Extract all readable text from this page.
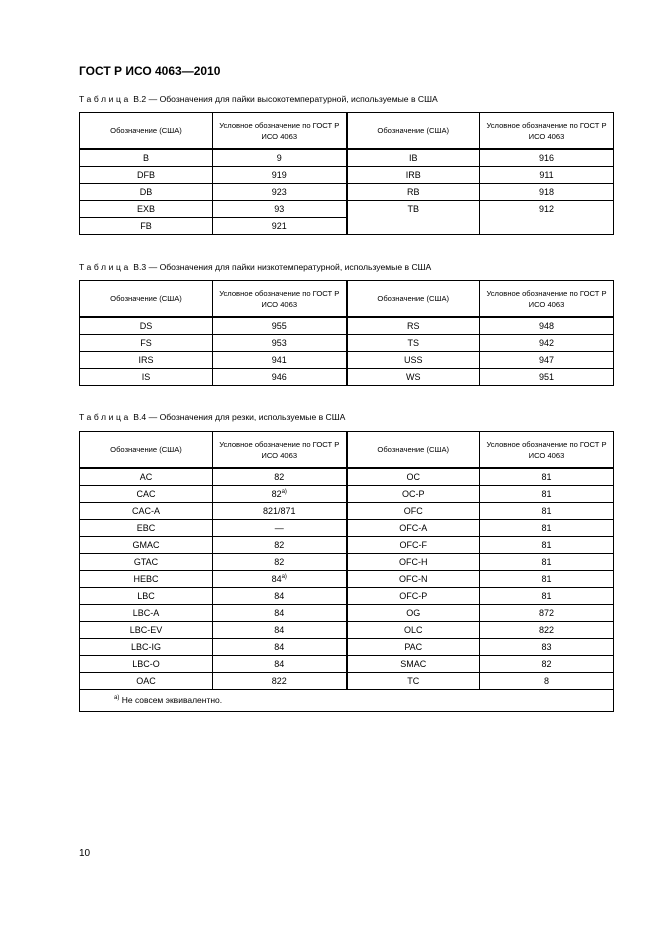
ГОСТ Р ИСО 4063—2010
Таблица В.2 — Обозначения для пайки высокотемпературной, используемые в США
Обозначение (США)	Условное обозначение по ГОСТ Р ИСО 4063	Обозначение (США)	Условное обозначение по ГОСТ Р ИСО 4063
B	9	IB	916
DFB	919	IRB	911
DB	923	RB	918
EXB	93	TB	912
FB	921		
Таблица В.3 — Обозначения для пайки низкотемпературной, используемые в США
Обозначение (США)	Условное обозначение по ГОСТ Р ИСО 4063	Обозначение (США)	Условное обозначение по ГОСТ Р ИСО 4063
DS	955	RS	948
FS	953	TS	942
IRS	941	USS	947
IS	946	WS	951
Таблица В.4 — Обозначения для резки, используемые в США
Обозначение (США)	Условное обозначение по ГОСТ Р ИСО 4063	Обозначение (США)	Условное обозначение по ГОСТ Р ИСО 4063
AC	82	OC	81
CAC	$82^{а)}$	OC-P	81
CAC-A	821/871	OFC	81
EBC	—	OFC-A	81
GMAC	82	OFC-F	81
GTAC	82	OFC-H	81
HEBC	$84^{а)}$	OFC-N	81
LBC	84	OFC-P	81
LBC-A	84	OG	872
LBC-EV	84	OLC	822
LBC-IG	84	PAC	83
LBC-O	84	SMAC	82
OAC	822	TC	8
$^{а)}$ Не совсем эквивалентно.			
10
